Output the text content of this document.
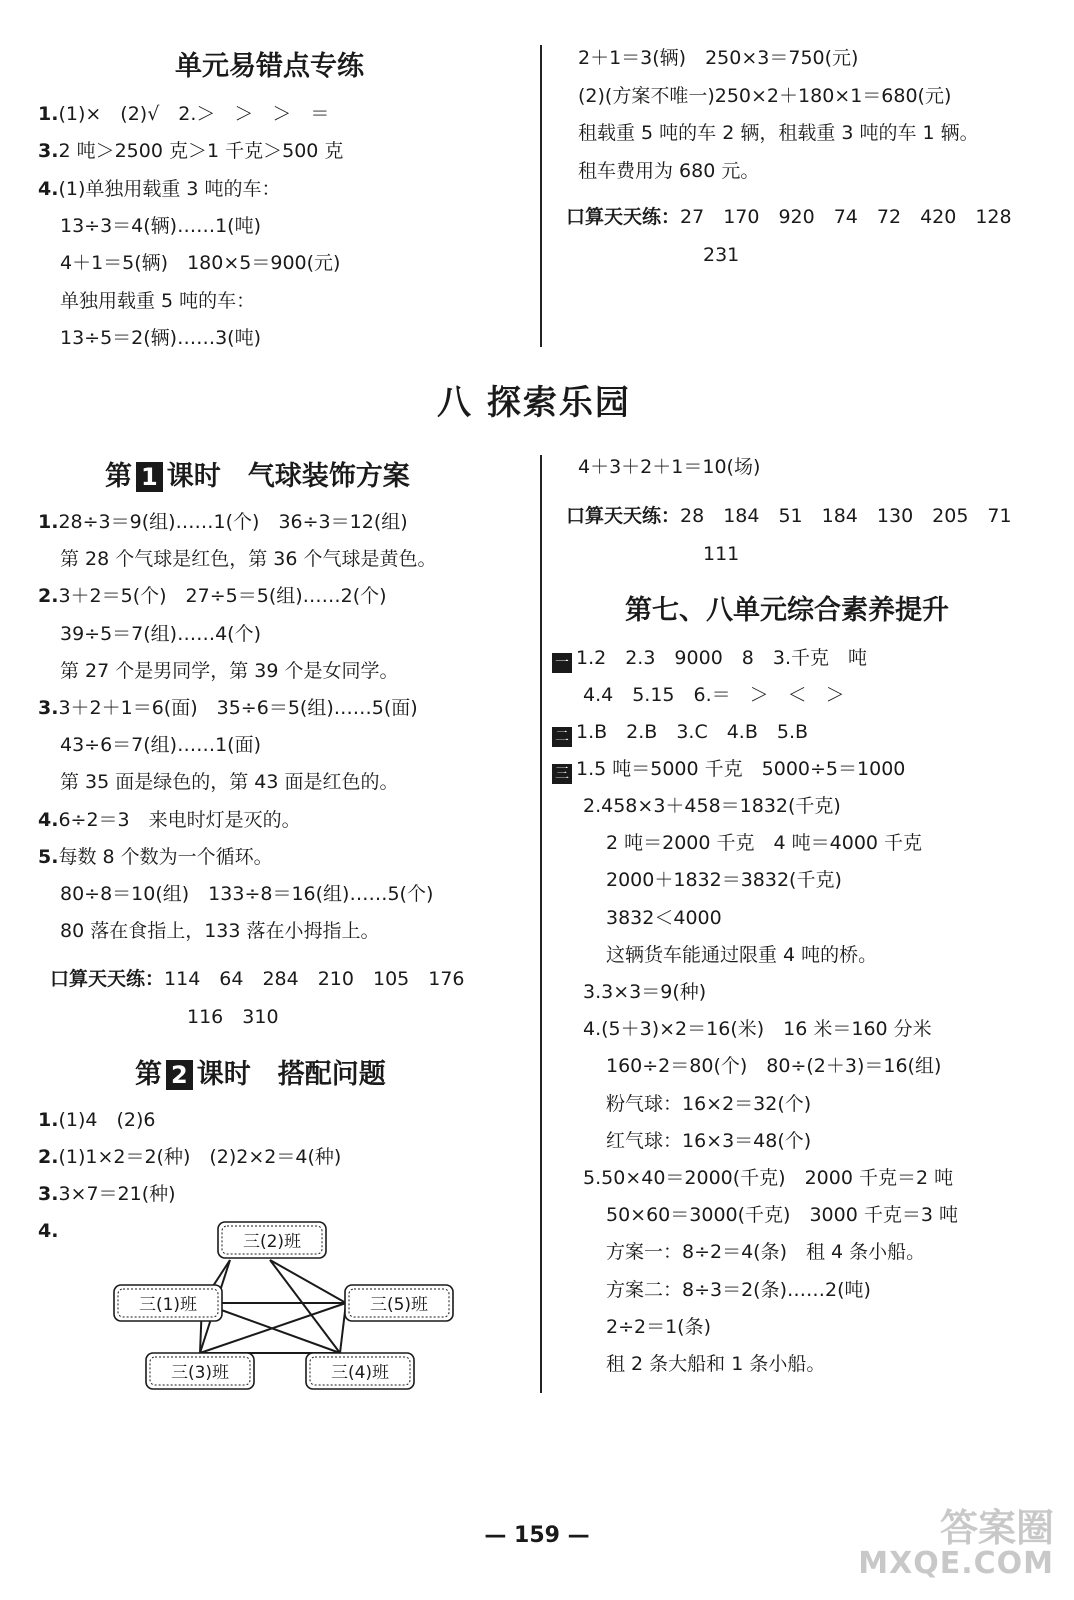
单元易错点专练
1.(1)×　(2)√　2.＞　＞　＞　＝
3.2 吨＞2500 克＞1 千克＞500 克
4.(1)单独用载重 3 吨的车：
13÷3＝4(辆)……1(吨)
4＋1＝5(辆)　180×5＝900(元)
单独用载重 5 吨的车：
13÷5＝2(辆)……3(吨)
2＋1＝3(辆)　250×3＝750(元)
(2)(方案不唯一)250×2＋180×1＝680(元)
租载重 5 吨的车 2 辆，租载重 3 吨的车 1 辆。
租车费用为 680 元。
口算天天练：27　170　920　74　72　420　128
231
八 探索乐园
第 1 课时　气球装饰方案
1.28÷3＝9(组)……1(个)　36÷3＝12(组)
第 28 个气球是红色，第 36 个气球是黄色。
2.3＋2＝5(个)　27÷5＝5(组)……2(个)
39÷5＝7(组)……4(个)
第 27 个是男同学，第 39 个是女同学。
3.3＋2＋1＝6(面)　35÷6＝5(组)……5(面)
43÷6＝7(组)……1(面)
第 35 面是绿色的，第 43 面是红色的。
4.6÷2＝3　来电时灯是灭的。
5.每数 8 个数为一个循环。
80÷8＝10(组)　133÷8＝16(组)……5(个)
80 落在食指上，133 落在小拇指上。
口算天天练：114　64　284　210　105　176
116　310
第 2 课时　搭配问题
1.(1)4　(2)6
2.(1)1×2＝2(种)　(2)2×2＝4(种)
3.3×7＝21(种)
4.	三(2)班
三(1)班	三(5)班
三(3)班	三(4)班
4＋3＋2＋1＝10(场)
口算天天练：28　184　51　184　130　205　71
111
第七、八单元综合素养提升
一 1.2　2.3　9000　8　3.千克　吨
4.4　5.15　6.＝　＞　＜　＞
二 1.B　2.B　3.C　4.B　5.B
三 1.5 吨＝5000 千克　5000÷5＝1000
2.458×3＋458＝1832(千克)
2 吨＝2000 千克　4 吨＝4000 千克
2000＋1832＝3832(千克)
3832＜4000
这辆货车能通过限重 4 吨的桥。
3.3×3＝9(种)
4.(5＋3)×2＝16(米)　16 米＝160 分米
160÷2＝80(个)　80÷(2＋3)＝16(组)
粉气球：16×2＝32(个)
红气球：16×3＝48(个)
5.50×40＝2000(千克)　2000 千克＝2 吨
50×60＝3000(千克)　3000 千克＝3 吨
方案一：8÷2＝4(条)　租 4 条小船。
方案二：8÷3＝2(条)……2(吨)
2÷2＝1(条)
租 2 条大船和 1 条小船。
— 159 —	答案圈
MXQE.COM
